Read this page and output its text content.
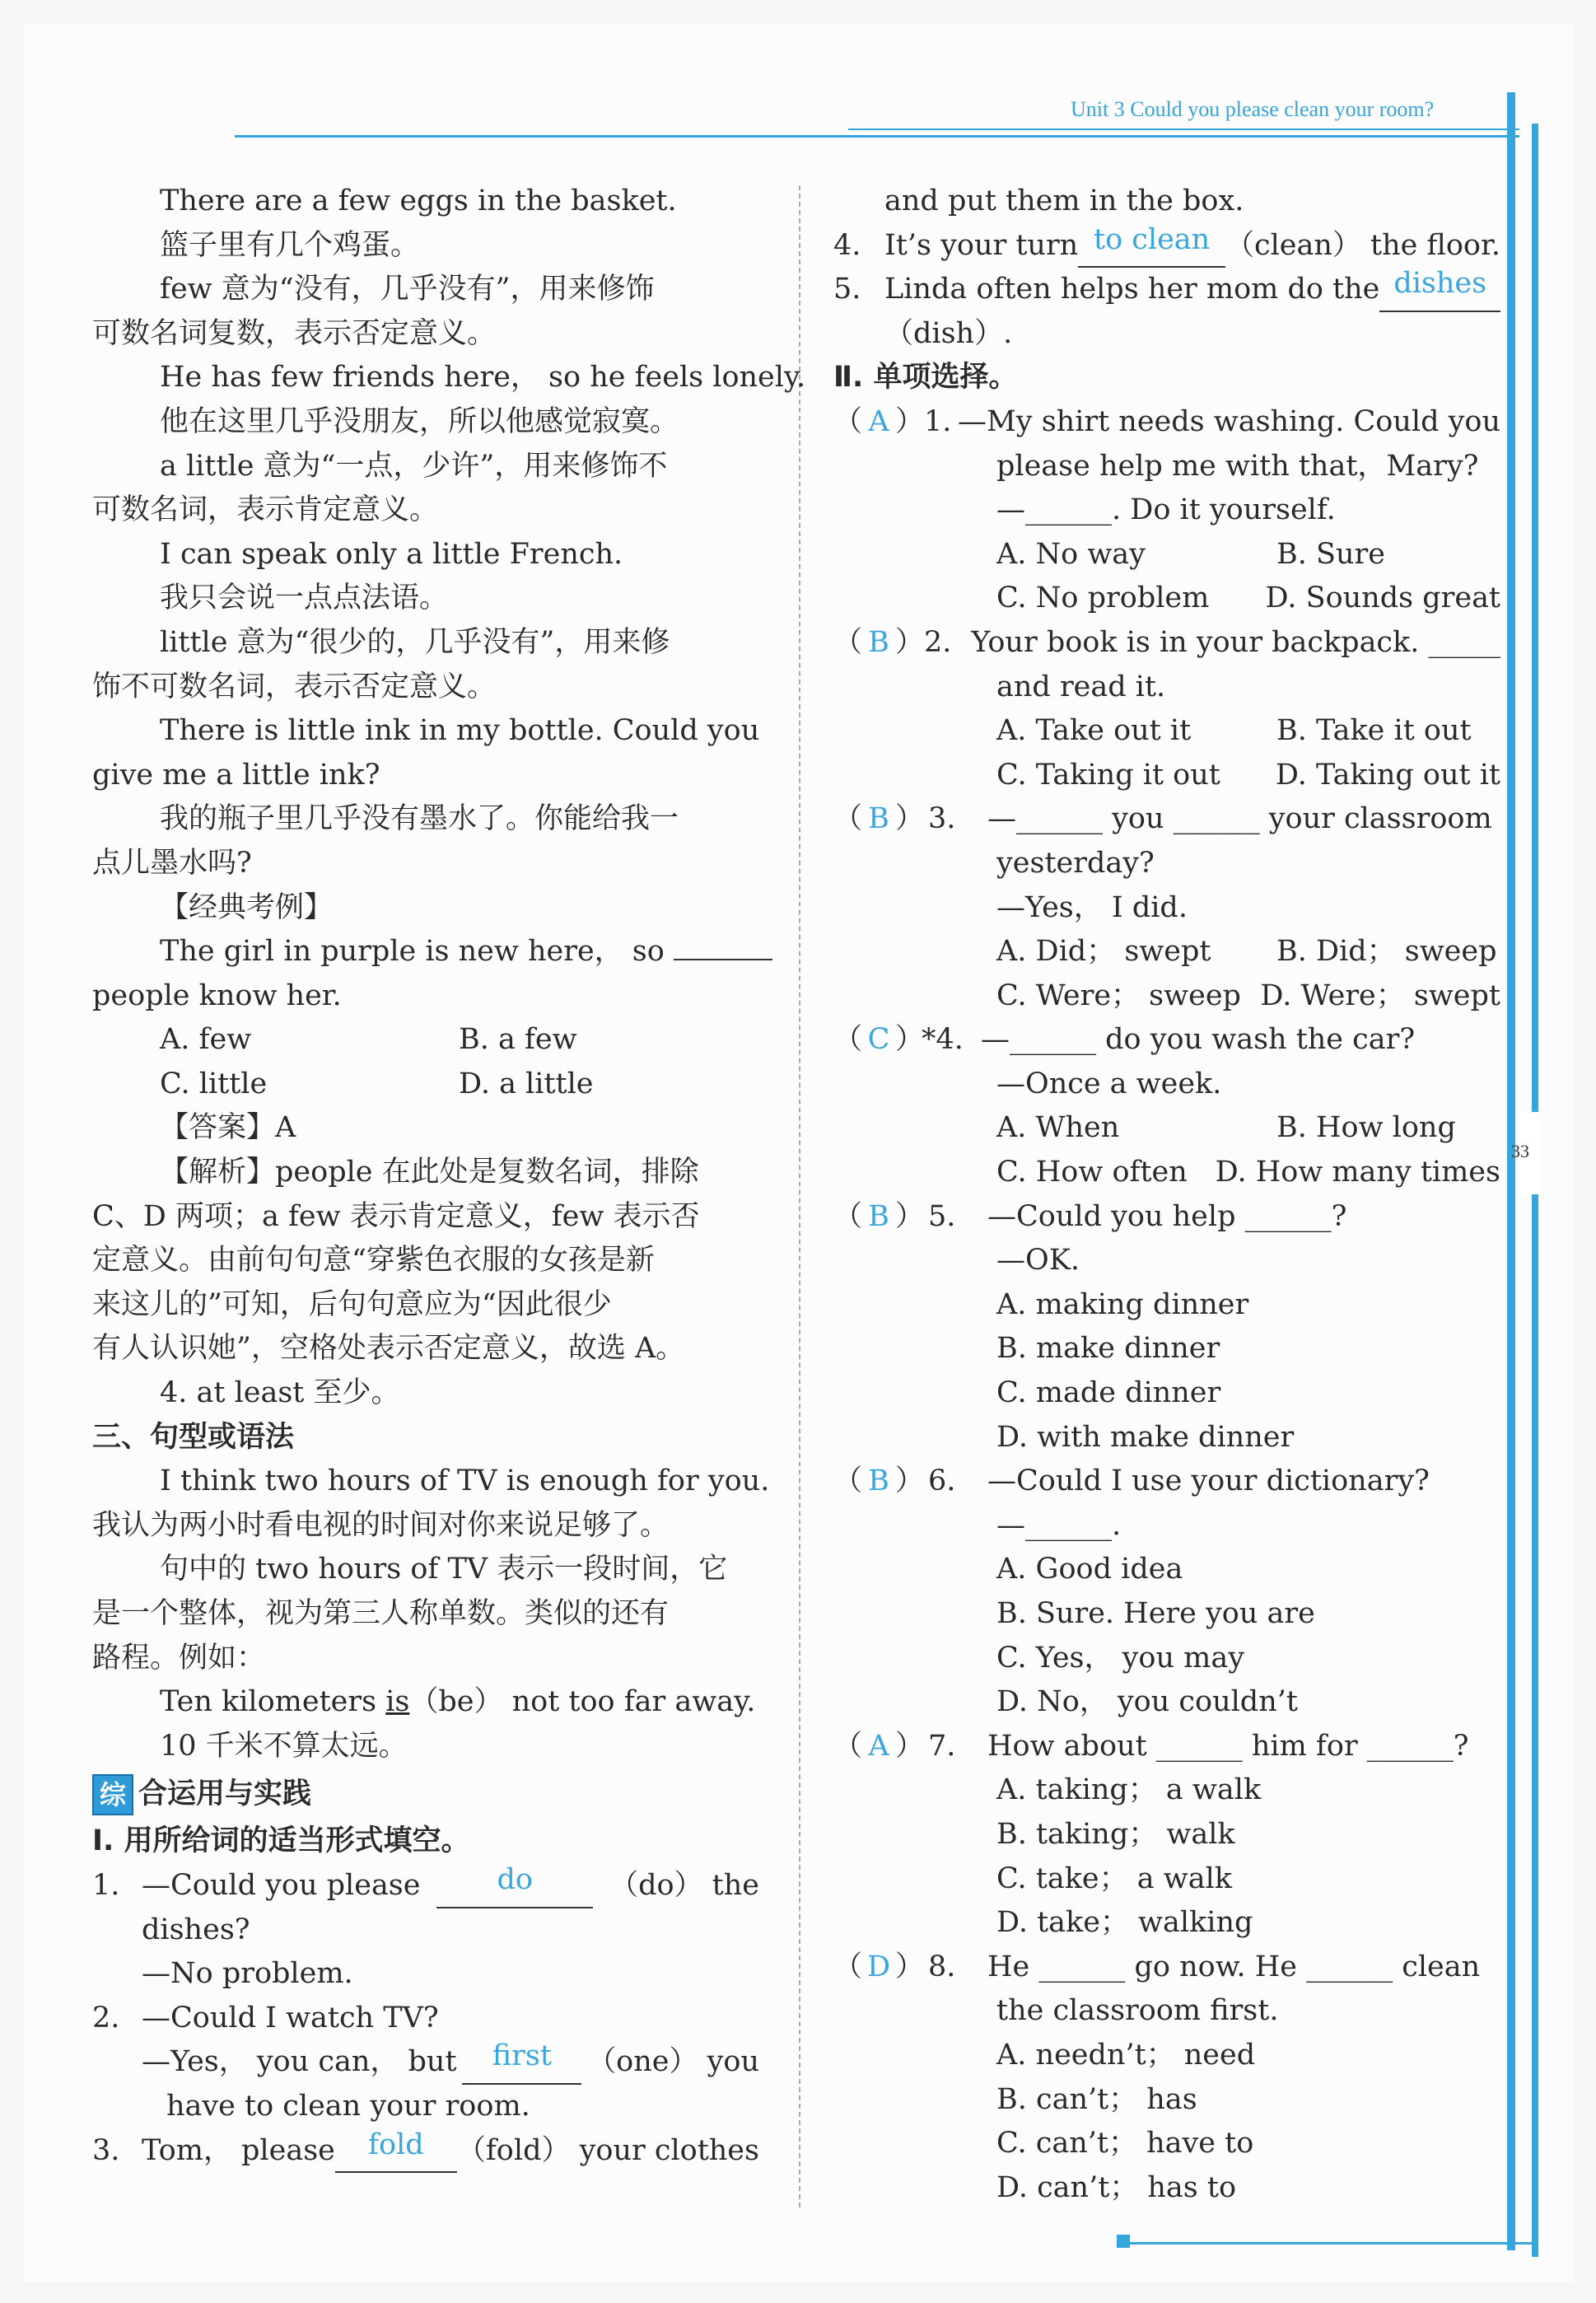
Unit 3 Could you please clean your room?
33
There are a few eggs in the basket.
篮子里有几个鸡蛋。
few 意为“没有，几乎没有”，用来修饰
可数名词复数，表示否定意义。
He has few friends here， so he feels lonely.
他在这里几乎没朋友，所以他感觉寂寞。
a little 意为“一点，少许”，用来修饰不
可数名词，表示肯定意义。
I can speak only a little French.
我只会说一点点法语。
little 意为“很少的，几乎没有”，用来修
饰不可数名词，表示否定意义。
There is little ink in my bottle. Could you
give me a little ink?
我的瓶子里几乎没有墨水了。你能给我一
点儿墨水吗?
【经典考例】
The girl in purple is new here， so
people know her.
A. few	B. a few
C. little	D. a little
【答案】A
【解析】people 在此处是复数名词，排除
C、D 两项；a few 表示肯定意义，few 表示否
定意义。由前句句意“穿紫色衣服的女孩是新
来这儿的”可知，后句句意应为“因此很少
有人认识她”，空格处表示否定意义，故选 A。
4. at least 至少。
三、句型或语法
I think two hours of TV is enough for you.
我认为两小时看电视的时间对你来说足够了。
句中的 two hours of TV 表示一段时间，它
是一个整体，视为第三人称单数。类似的还有
路程。例如：
Ten kilometers is（be） not too far away.
10 千米不算太远。
综 合运用与实践
Ⅰ. 用所给词的适当形式填空。
1. —Could you please	do	（do） the
dishes?
—No problem.
2. —Could I watch TV?
—Yes， you can， but	first	（one） you
have to clean your room.
3. Tom， please	fold	（fold） your clothes
and put them in the box.
4. It’s your turn to clean （clean） the floor.
5. Linda often helps her mom do the dishes
（dish）.
Ⅱ. 单项选择。
（ A ） 1. —My shirt needs washing. Could you
please help me with that，Mary?
—______. Do it yourself.
A. No way	B. Sure
C. No problem	D. Sounds great
（ B ） 2. Your book is in your backpack. _____
and read it.
A. Take out it	B. Take it out
C. Taking it out	D. Taking out it
（ B ） 3.	—______ you ______ your classroom
yesterday?
—Yes， I did.
A. Did； swept	B. Did； sweep
C. Were； sweep D. Were； swept
（ C ）
*4. —______ do you wash the car?
—Once a week.
A. When	B. How long
C. How often D. How many times
（ B ） 5.	—Could you help ______?
—OK.
A. making dinner
B. make dinner
C. made dinner
D. with make dinner
（ B ） 6.	—Could I use your dictionary?
—______.
A. Good idea
B. Sure. Here you are
C. Yes， you may
D. No， you couldn’t
（ A ） 7.	How about ______ him for ______?
A. taking； a walk
B. taking； walk
C. take； a walk
D. take； walking
（ D ） 8.	He ______ go now. He ______ clean
the classroom first.
A. needn’t； need
B. can’t； has
C. can’t； have to
D. can’t； has to
